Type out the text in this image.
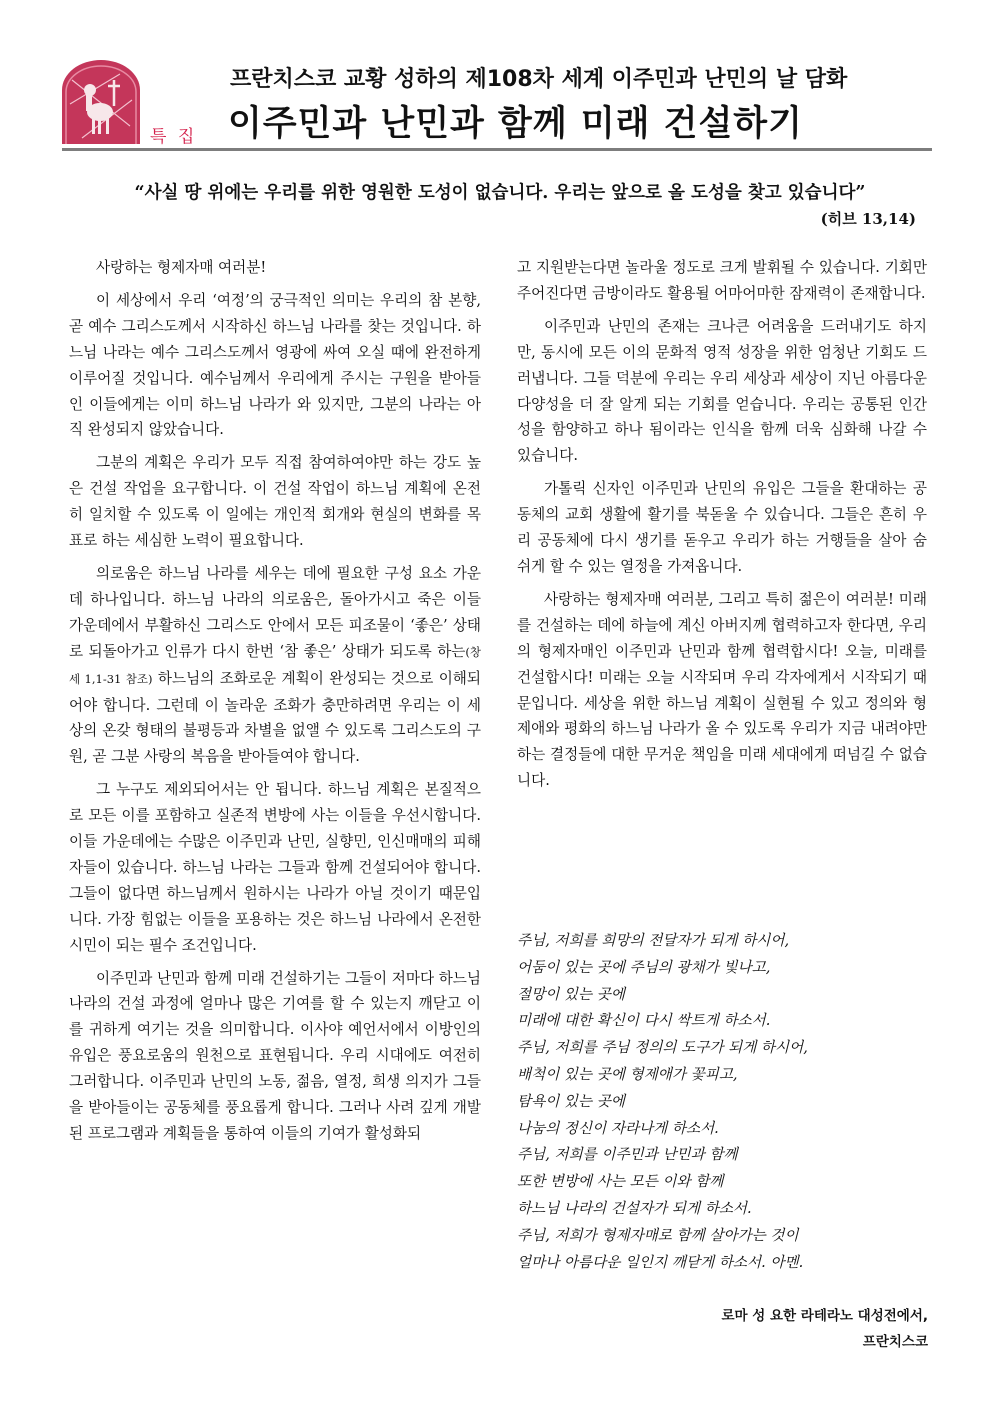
특 집
프란치스코 교황 성하의 제108차 세계 이주민과 난민의 날 담화
이주민과 난민과 함께 미래 건설하기
“사실 땅 위에는 우리를 위한 영원한 도성이 없습니다. 우리는 앞으로 올 도성을 찾고 있습니다”
(히브 13,14)

사랑하는 형제자매 여러분!

이 세상에서 우리 ‘여정’의 궁극적인 의미는 우리의 참 본향, 곧 예수 그리스도께서 시작하신 하느님 나라를 찾는 것입니다. 하느님 나라는 예수 그리스도께서 영광에 싸여 오실 때에 완전하게 이루어질 것입니다. 예수님께서 우리에게 주시는 구원을 받아들인 이들에게는 이미 하느님 나라가 와 있지만, 그분의 나라는 아직 완성되지 않았습니다.

그분의 계획은 우리가 모두 직접 참여하여야만 하는 강도 높은 건설 작업을 요구합니다. 이 건설 작업이 하느님 계획에 온전히 일치할 수 있도록 이 일에는 개인적 회개와 현실의 변화를 목표로 하는 세심한 노력이 필요합니다.

의로움은 하느님 나라를 세우는 데에 필요한 구성 요소 가운데 하나입니다. 하느님 나라의 의로움은, 돌아가시고 죽은 이들 가운데에서 부활하신 그리스도 안에서 모든 피조물이 ‘좋은’ 상태로 되돌아가고 인류가 다시 한번 ‘참 좋은’ 상태가 되도록 하는(창세 1,1-31 참조) 하느님의 조화로운 계획이 완성되는 것으로 이해되어야 합니다. 그런데 이 놀라운 조화가 충만하려면 우리는 이 세상의 온갖 형태의 불평등과 차별을 없앨 수 있도록 그리스도의 구원, 곧 그분 사랑의 복음을 받아들여야 합니다.

그 누구도 제외되어서는 안 됩니다. 하느님 계획은 본질적으로 모든 이를 포함하고 실존적 변방에 사는 이들을 우선시합니다. 이들 가운데에는 수많은 이주민과 난민, 실향민, 인신매매의 피해자들이 있습니다. 하느님 나라는 그들과 함께 건설되어야 합니다. 그들이 없다면 하느님께서 원하시는 나라가 아닐 것이기 때문입니다. 가장 힘없는 이들을 포용하는 것은 하느님 나라에서 온전한 시민이 되는 필수 조건입니다.

이주민과 난민과 함께 미래 건설하기는 그들이 저마다 하느님 나라의 건설 과정에 얼마나 많은 기여를 할 수 있는지 깨닫고 이를 귀하게 여기는 것을 의미합니다. 이사야 예언서에서 이방인의 유입은 풍요로움의 원천으로 표현됩니다. 우리 시대에도 여전히 그러합니다. 이주민과 난민의 노동, 젊음, 열정, 희생 의지가 그들을 받아들이는 공동체를 풍요롭게 합니다. 그러나 사려 깊게 개발된 프로그램과 계획들을 통하여 이들의 기여가 활성화되

고 지원받는다면 놀라울 정도로 크게 발휘될 수 있습니다. 기회만 주어진다면 금방이라도 활용될 어마어마한 잠재력이 존재합니다.

이주민과 난민의 존재는 크나큰 어려움을 드러내기도 하지만, 동시에 모든 이의 문화적 영적 성장을 위한 엄청난 기회도 드러냅니다. 그들 덕분에 우리는 우리 세상과 세상이 지닌 아름다운 다양성을 더 잘 알게 되는 기회를 얻습니다. 우리는 공통된 인간성을 함양하고 하나 됨이라는 인식을 함께 더욱 심화해 나갈 수 있습니다.

가톨릭 신자인 이주민과 난민의 유입은 그들을 환대하는 공동체의 교회 생활에 활기를 북돋울 수 있습니다. 그들은 흔히 우리 공동체에 다시 생기를 돋우고 우리가 하는 거행들을 살아 숨 쉬게 할 수 있는 열정을 가져옵니다.

사랑하는 형제자매 여러분, 그리고 특히 젊은이 여러분! 미래를 건설하는 데에 하늘에 계신 아버지께 협력하고자 한다면, 우리의 형제자매인 이주민과 난민과 함께 협력합시다! 오늘, 미래를 건설합시다! 미래는 오늘 시작되며 우리 각자에게서 시작되기 때문입니다. 세상을 위한 하느님 계획이 실현될 수 있고 정의와 형제애와 평화의 하느님 나라가 올 수 있도록 우리가 지금 내려야만 하는 결정들에 대한 무거운 책임을 미래 세대에게 떠넘길 수 없습니다.

주님, 저희를 희망의 전달자가 되게 하시어,
어둠이 있는 곳에 주님의 광채가 빛나고,
절망이 있는 곳에
미래에 대한 확신이 다시 싹트게 하소서.
주님, 저희를 주님 정의의 도구가 되게 하시어,
배척이 있는 곳에 형제애가 꽃피고,
탐욕이 있는 곳에
나눔의 정신이 자라나게 하소서.
주님, 저희를 이주민과 난민과 함께
또한 변방에 사는 모든 이와 함께
하느님 나라의 건설자가 되게 하소서.
주님, 저희가 형제자매로 함께 살아가는 것이
얼마나 아름다운 일인지 깨닫게 하소서. 아멘.
로마 성 요한 라테라노 대성전에서,
프란치스코
